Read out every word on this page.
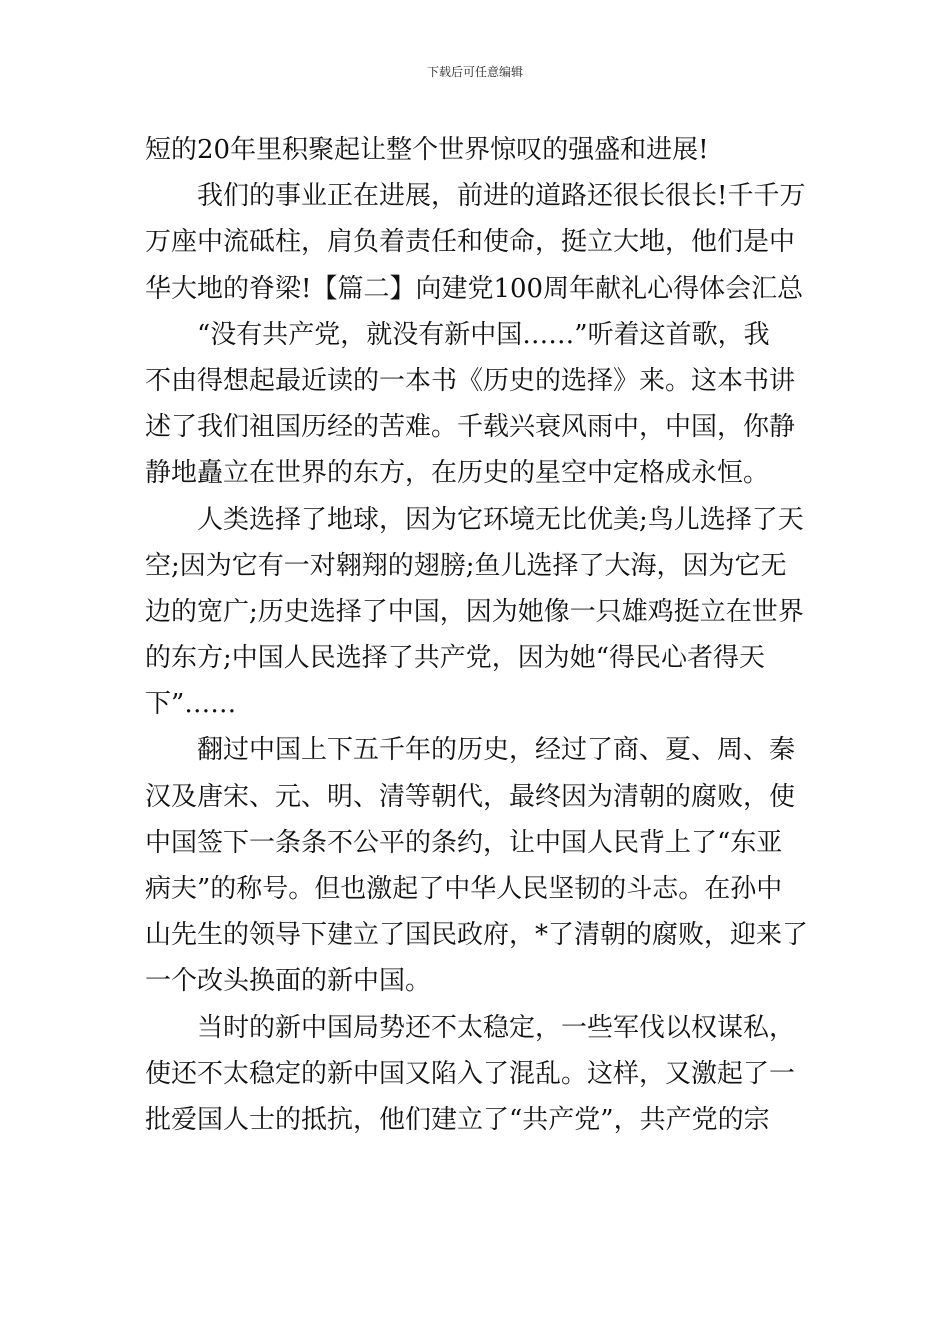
下载后可任意编辑
短的20年里积聚起让整个世界惊叹的强盛和进展!
我们的事业正在进展，前进的道路还很长很长!千千万
万座中流砥柱，肩负着责任和使命，挺立大地，他们是中
华大地的脊梁!【篇二】向建党100周年献礼心得体会汇总
“没有共产党，就没有新中国……”听着这首歌，我
不由得想起最近读的一本书《历史的选择》来。这本书讲
述了我们祖国历经的苦难。千载兴衰风雨中，中国，你静
静地矗立在世界的东方，在历史的星空中定格成永恒。
人类选择了地球，因为它环境无比优美;鸟儿选择了天
空;因为它有一对翱翔的翅膀;鱼儿选择了大海，因为它无
边的宽广;历史选择了中国，因为她像一只雄鸡挺立在世界
的东方;中国人民选择了共产党，因为她“得民心者得天
下”……
翻过中国上下五千年的历史，经过了商、夏、周、秦
汉及唐宋、元、明、清等朝代，最终因为清朝的腐败，使
中国签下一条条不公平的条约，让中国人民背上了“东亚
病夫”的称号。但也激起了中华人民坚韧的斗志。在孙中
山先生的领导下建立了国民政府，*了清朝的腐败，迎来了
一个改头换面的新中国。
当时的新中国局势还不太稳定，一些军伐以权谋私，
使还不太稳定的新中国又陷入了混乱。这样，又激起了一
批爱国人士的抵抗，他们建立了“共产党”，共产党的宗
